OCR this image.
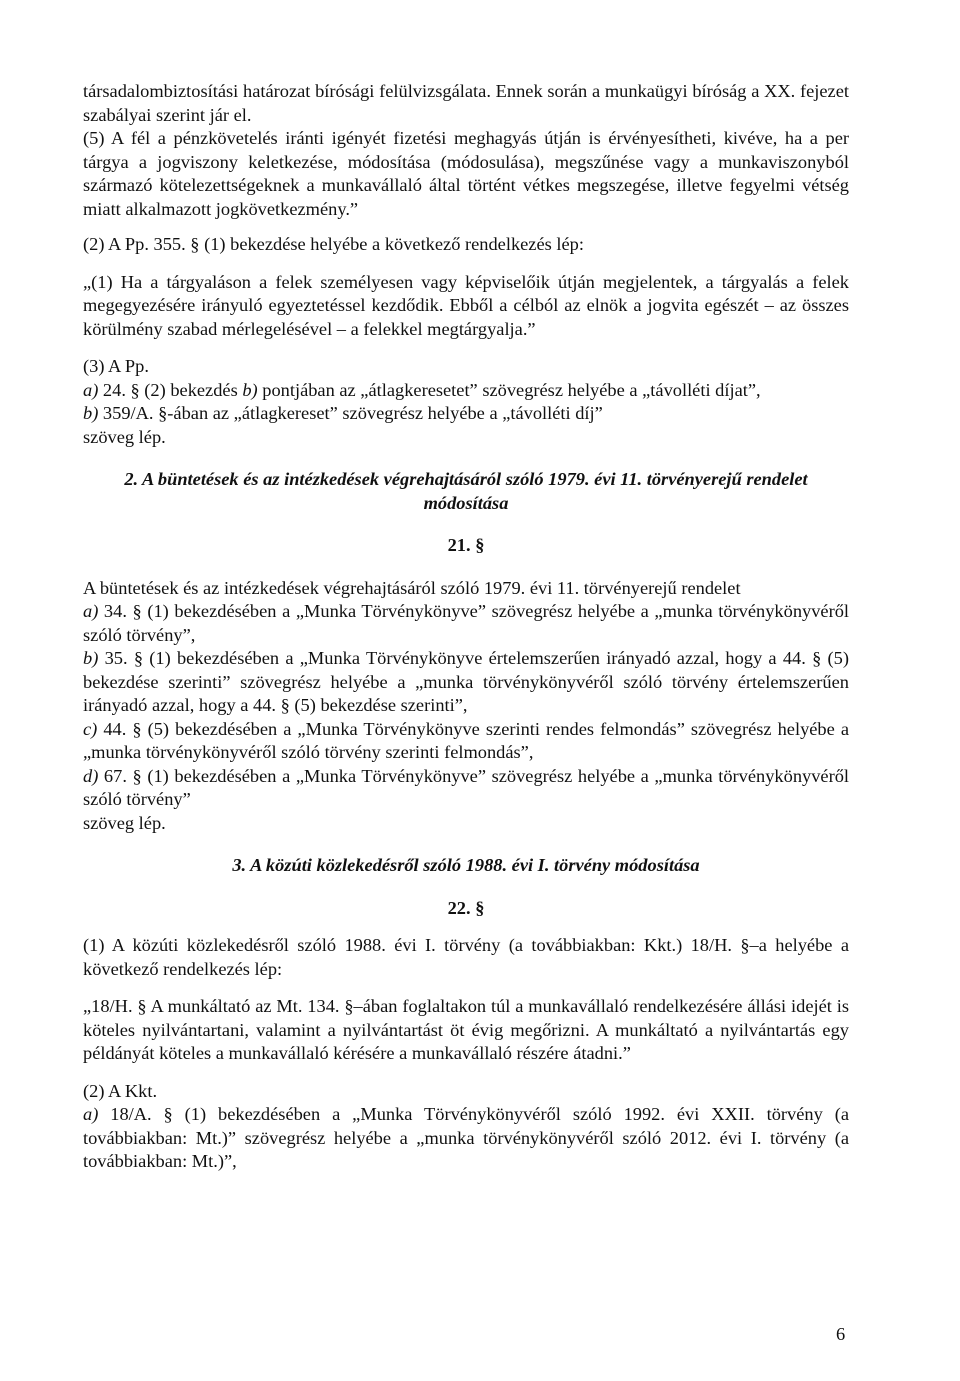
társadalombiztosítási határozat bírósági felülvizsgálata. Ennek során a munkaügyi bíróság a XX. fejezet szabályai szerint jár el.

(5) A fél a pénzkövetelés iránti igényét fizetési meghagyás útján is érvényesítheti, kivéve, ha a per tárgya a jogviszony keletkezése, módosítása (módosulása), megszűnése vagy a munkaviszonyból származó kötelezettségeknek a munkavállaló által történt vétkes megszegése, illetve fegyelmi vétség miatt alkalmazott jogkövetkezmény.”

(2) A Pp. 355. § (1) bekezdése helyébe a következő rendelkezés lép:

„(1) Ha a tárgyaláson a felek személyesen vagy képviselőik útján megjelentek, a tárgyalás a felek megegyezésére irányuló egyeztetéssel kezdődik. Ebből a célból az elnök a jogvita egészét – az összes körülmény szabad mérlegelésével – a felekkel megtárgyalja.”

(3) A Pp.

a) 24. § (2) bekezdés b) pontjában az „átlagkeresetet” szövegrész helyébe a „távolléti díjat”,

b) 359/A. §-ában az „átlagkereset” szövegrész helyébe a „távolléti díj”

szöveg lép.

2. A büntetések és az intézkedések végrehajtásáról szóló 1979. évi 11. törvényerejű rendelet
módosítása

21. §

A büntetések és az intézkedések végrehajtásáról szóló 1979. évi 11. törvényerejű rendelet

a) 34. § (1) bekezdésében a „Munka Törvénykönyve” szövegrész helyébe a „munka törvénykönyvéről szóló törvény”,

b) 35. § (1) bekezdésében a „Munka Törvénykönyve értelemszerűen irányadó azzal, hogy a 44. § (5) bekezdése szerinti” szövegrész helyébe a „munka törvénykönyvéről szóló törvény értelemszerűen irányadó azzal, hogy a 44. § (5) bekezdése szerinti”,

c) 44. § (5) bekezdésében a „Munka Törvénykönyve szerinti rendes felmondás” szövegrész helyébe a „munka törvénykönyvéről szóló törvény szerinti felmondás”,

d) 67. § (1) bekezdésében a „Munka Törvénykönyve” szövegrész helyébe a „munka törvénykönyvéről szóló törvény”

szöveg lép.

3. A közúti közlekedésről szóló 1988. évi I. törvény módosítása

22. §

(1) A közúti közlekedésről szóló 1988. évi I. törvény (a továbbiakban: Kkt.) 18/H. §–a helyébe a következő rendelkezés lép:

„18/H. § A munkáltató az Mt. 134. §–ában foglaltakon túl a munkavállaló rendelkezésére állási idejét is köteles nyilvántartani, valamint a nyilvántartást öt évig megőrizni. A munkáltató a nyilvántartás egy példányát köteles a munkavállaló kérésére a munkavállaló részére átadni.”

(2) A Kkt.

a) 18/A. § (1) bekezdésében a „Munka Törvénykönyvéről szóló 1992. évi XXII. törvény (a továbbiakban: Mt.)” szövegrész helyébe a „munka törvénykönyvéről szóló 2012. évi I. törvény (a továbbiakban: Mt.)”,

6
